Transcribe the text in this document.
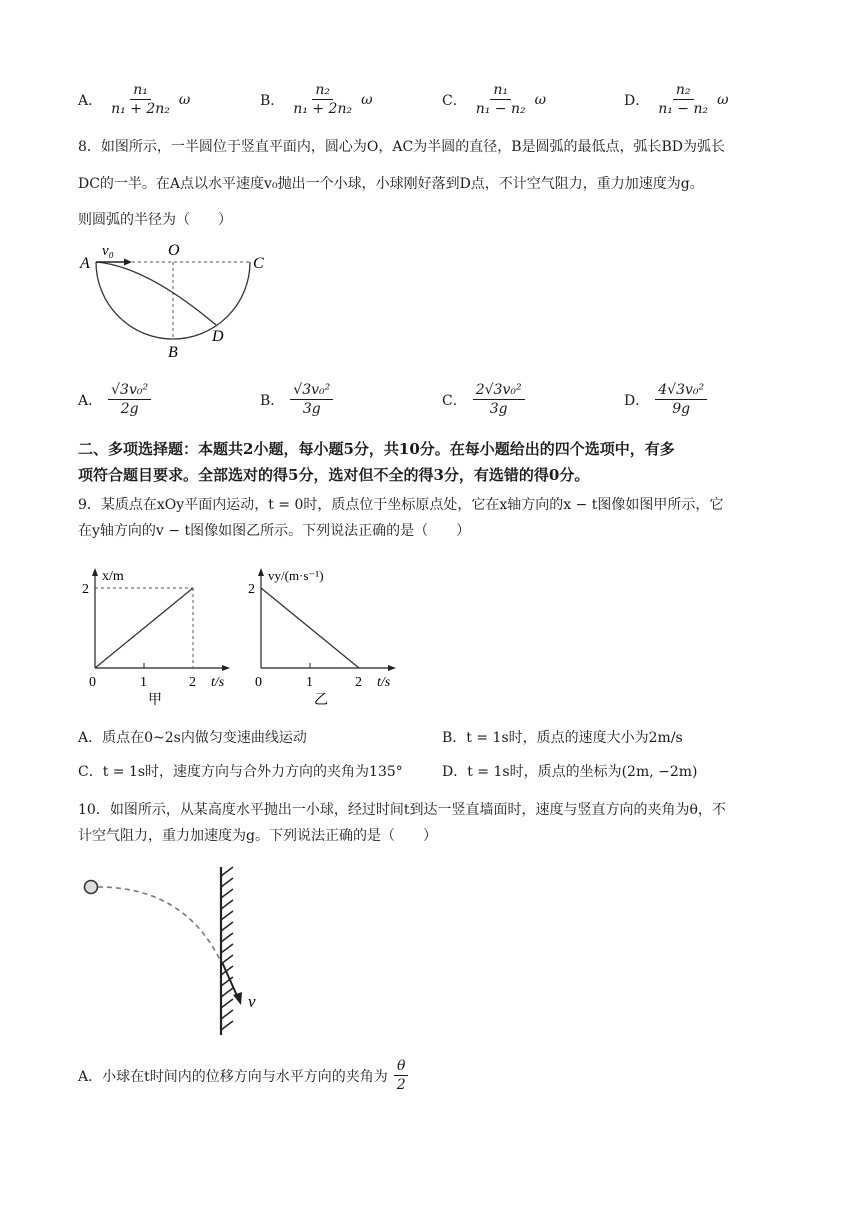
A． $\frac{\text{n₁}}{\text{n₁ + 2n₂}}$ ω	B． $\frac{\text{n₂}}{\text{n₁ + 2n₂}}$ ω	C． $\frac{\text{n₁}}{\text{n₁ − n₂}}$ ω	D． $\frac{\text{n₂}}{\text{n₁ − n₂}}$ ω
8．如图所示，一半圆位于竖直平面内，圆心为O，AC为半圆的直径，B是圆弧的最低点，弧长BD为弧长
DC的一半。在A点以水平速度v₀抛出一个小球，小球刚好落到D点，不计空气阻力，重力加速度为g。
则圆弧的半径为（　　）
A
O
C
B
D
v₀
A． $\frac{\text{√3v₀²}}{2g}$	B． $\frac{\text{√3v₀²}}{3g}$	C． $\frac{\text{2√3v₀²}}{3g}$	D． $\frac{\text{4√3v₀²}}{9g}$
二、多项选择题：本题共2小题，每小题5分，共10分。在每小题给出的四个选项中，有多
项符合题目要求。全部选对的得5分，选对但不全的得3分，有选错的得0分。
9．某质点在xOy平面内运动，t = 0时，质点位于坐标原点处，它在x轴方向的x − t图像如图甲所示，它
在y轴方向的v − t图像如图乙所示。下列说法正确的是（　　）
x/m
t/s
2
0	1	2
甲
vy/(m·s⁻¹)
t/s
2
0	1	2
乙
A．质点在0~2s内做匀变速曲线运动	B．t = 1s时，质点的速度大小为2m/s
C．t = 1s时，速度方向与合外力方向的夹角为135°	D．t = 1s时，质点的坐标为(2m, −2m)
10．如图所示，从某高度水平抛出一小球，经过时间t到达一竖直墙面时，速度与竖直方向的夹角为θ，不
计空气阻力，重力加速度为g。下列说法正确的是（　　）
v
A．小球在t时间内的位移方向与水平方向的夹角为 $\frac{\theta}{2}$
